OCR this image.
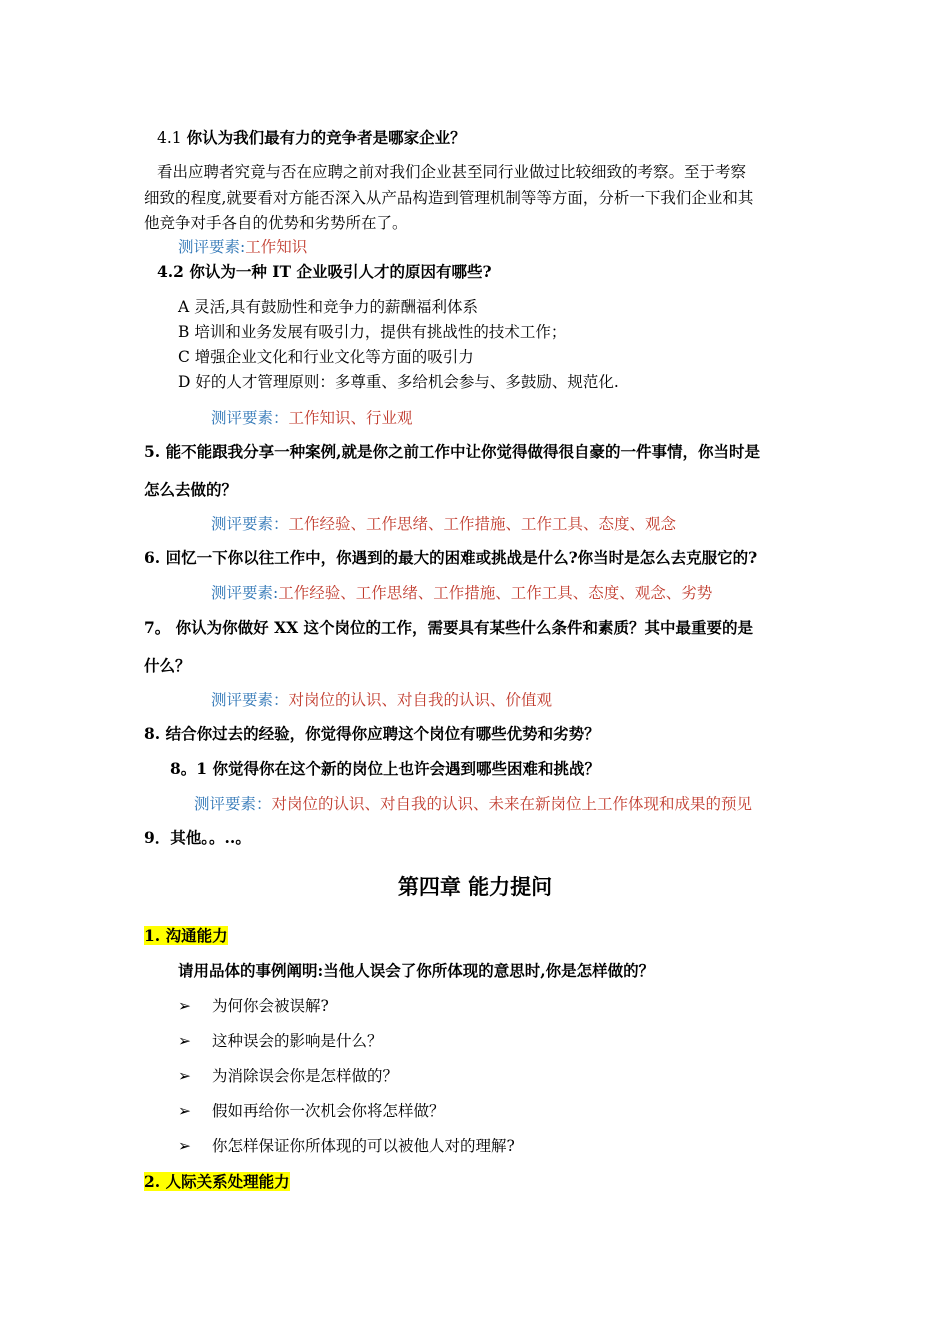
4.1 你认为我们最有力的竞争者是哪家企业？
看出应聘者究竟与否在应聘之前对我们企业甚至同行业做过比较细致的考察。至于考察
细致的程度,就要看对方能否深入从产品构造到管理机制等等方面，分析一下我们企业和其
他竞争对手各自的优势和劣势所在了。
测评要素:工作知识
4.2 你认为一种 IT 企业吸引人才的原因有哪些?
A 灵活,具有鼓励性和竞争力的薪酬福利体系
B 培训和业务发展有吸引力，提供有挑战性的技术工作；
C 增强企业文化和行业文化等方面的吸引力
D 好的人才管理原则：多尊重、多给机会参与、多鼓励、规范化.
测评要素：工作知识、行业观
5. 能不能跟我分享一种案例,就是你之前工作中让你觉得做得很自豪的一件事情，你当时是
怎么去做的？
测评要素：工作经验、工作思绪、工作措施、工作工具、态度、观念
6. 回忆一下你以往工作中，你遇到的最大的困难或挑战是什么?你当时是怎么去克服它的?
测评要素:工作经验、工作思绪、工作措施、工作工具、态度、观念、劣势
7。 你认为你做好 XX 这个岗位的工作，需要具有某些什么条件和素质？其中最重要的是
什么？
测评要素：对岗位的认识、对自我的认识、价值观
8. 结合你过去的经验，你觉得你应聘这个岗位有哪些优势和劣势？
8。1 你觉得你在这个新的岗位上也许会遇到哪些困难和挑战？
测评要素：对岗位的认识、对自我的认识、未来在新岗位上工作体现和成果的预见
9．其他。。..。
第四章 能力提问
1. 沟通能力
请用品体的事例阐明:当他人误会了你所体现的意思时,你是怎样做的？
➢ 为何你会被误解?
➢ 这种误会的影响是什么？
➢ 为消除误会你是怎样做的？
➢ 假如再给你一次机会你将怎样做？
➢ 你怎样保证你所体现的可以被他人对的理解?
2. 人际关系处理能力
